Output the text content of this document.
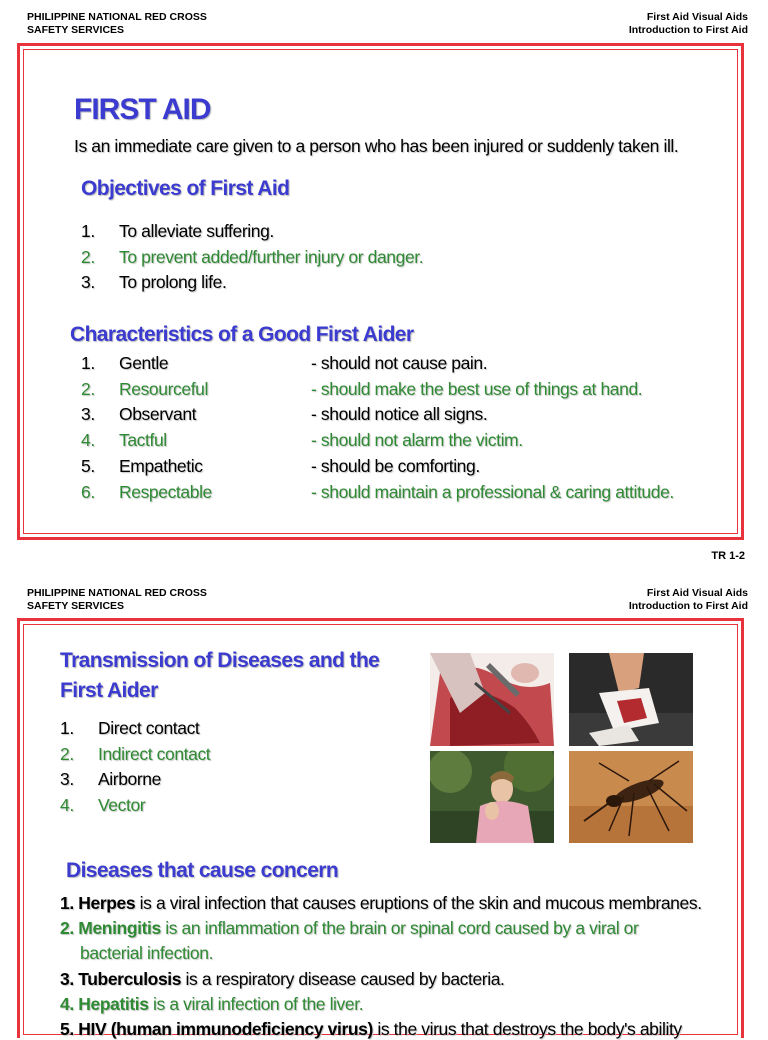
PHILIPPINE NATIONAL RED CROSS
SAFETY SERVICES
First Aid Visual Aids
Introduction to First Aid
FIRST AID
Is an immediate care given to a person who has been injured or suddenly taken ill.
Objectives of First Aid
1. To alleviate suffering.
2. To prevent added/further injury or danger.
3. To prolong life.
Characteristics of a Good First Aider
1. Gentle	- should not cause pain.
2. Resourceful	- should make the best use of things at hand.
3. Observant	- should notice all signs.
4. Tactful	- should not alarm the victim.
5. Empathetic	- should be comforting.
6. Respectable	- should maintain a professional & caring attitude.
TR 1-2
PHILIPPINE NATIONAL RED CROSS
SAFETY SERVICES
First Aid Visual Aids
Introduction to First Aid
Transmission of Diseases and the
First Aider
1. Direct contact
2. Indirect contact
3. Airborne
4. Vector
Diseases that cause concern
1. Herpes is a viral infection that causes eruptions of the skin and mucous membranes.
2. Meningitis is an inflammation of the brain or spinal cord caused by a viral or
bacterial infection.
3. Tuberculosis is a respiratory disease caused by bacteria.
4. Hepatitis is a viral infection of the liver.
5. HIV (human immunodeficiency virus) is the virus that destroys the body's ability
